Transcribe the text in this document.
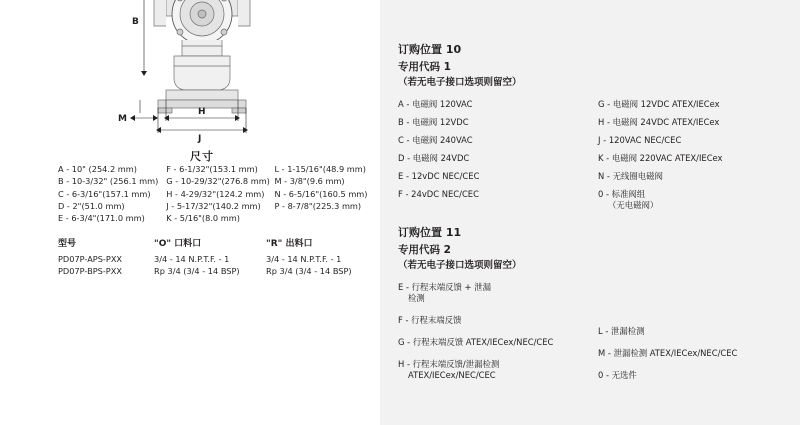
B
M
H
J
尺寸
A - 10" (254.2 mm)
B - 10-3/32" (256.1 mm)
C - 6-3/16"(157.1 mm)
D - 2"(51.0 mm)
E - 6-3/4"(171.0 mm)
F - 6-1/32"(153.1 mm)
G - 10-29/32"(276.8 mm)
H - 4-29/32"(124.2 mm)
J - 5-17/32"(140.2 mm)
K - 5/16"(8.0 mm)
L - 1-15/16"(48.9 mm)
M - 3/8"(9.6 mm)
N - 6-5/16"(160.5 mm)
P - 8-7/8"(225.3 mm)
型号	"O" 口料口	"R" 出料口
PD07P-APS-PXX	3/4 - 14 N.P.T.F. - 1	3/4 - 14 N.P.T.F. - 1
PD07P-BPS-PXX	Rp 3/4 (3/4 - 14 BSP)	Rp 3/4 (3/4 - 14 BSP)
订购位置 10
专用代码 1
（若无电子接口选项则留空）
A - 电磁阀 120VAC
B - 电磁阀 12VDC
C - 电磁阀 240VAC
D - 电磁阀 24VDC
E - 12vDC NEC/CEC
F - 24vDC NEC/CEC
G - 电磁阀 12VDC ATEX/IECex
H - 电磁阀 24VDC ATEX/IECex
J - 120VAC NEC/CEC
K - 电磁阀 220VAC ATEX/IECex
N - 无线圈电磁阀
0 - 标准阀组
（无电磁阀）
订购位置 11
专用代码 2
（若无电子接口选项则留空）
E - 行程末端反馈 + 泄漏
检测
F - 行程末端反馈
G - 行程末端反馈 ATEX/IECex/NEC/CEC
H - 行程末端反馈/泄漏检测
ATEX/IECex/NEC/CEC
L - 泄漏检测
M - 泄漏检测 ATEX/IECex/NEC/CEC
0 - 无选件
